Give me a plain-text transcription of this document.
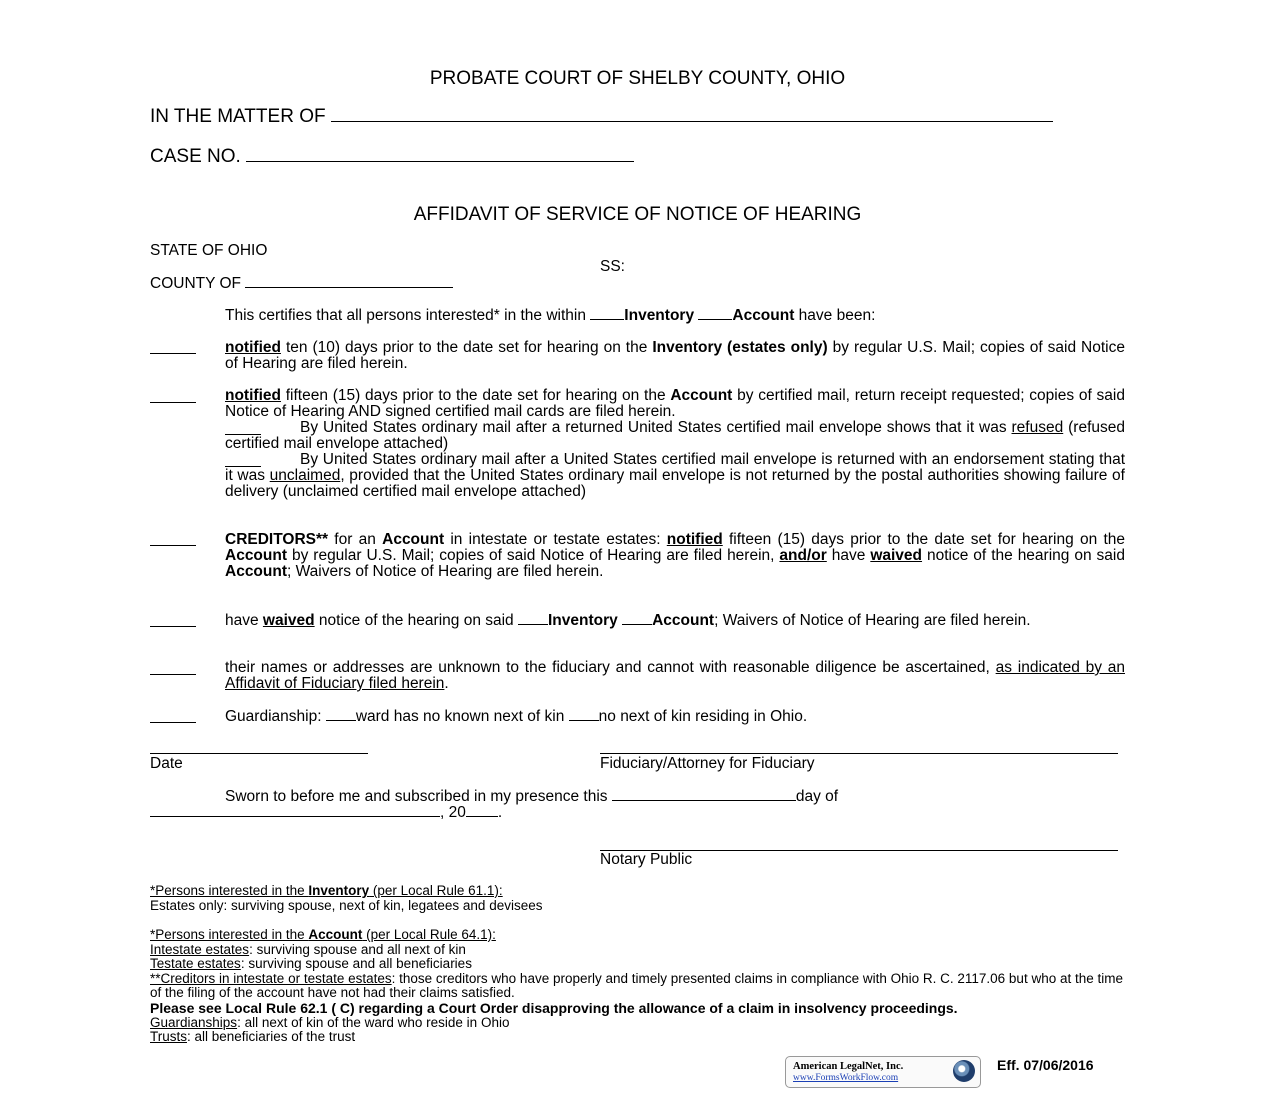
PROBATE COURT OF SHELBY COUNTY, OHIO
IN THE MATTER OF
CASE NO.
AFFIDAVIT OF SERVICE OF NOTICE OF HEARING
STATE OF OHIO
SS:
COUNTY OF
This certifies that all persons interested* in the within Inventory Account have been:
notified ten (10) days prior to the date set for hearing on the Inventory (estates only) by regular U.S. Mail; copies of said Notice of Hearing are filed herein.
notified fifteen (15) days prior to the date set for hearing on the Account by certified mail, return receipt requested; copies of said Notice of Hearing AND signed certified mail cards are filed herein.
By United States ordinary mail after a returned United States certified mail envelope shows that it was refused (refused certified mail envelope attached)
By United States ordinary mail after a United States certified mail envelope is returned with an endorsement stating that it was unclaimed, provided that the United States ordinary mail envelope is not returned by the postal authorities showing failure of delivery (unclaimed certified mail envelope attached)
CREDITORS** for an Account in intestate or testate estates: notified fifteen (15) days prior to the date set for hearing on the Account by regular U.S. Mail; copies of said Notice of Hearing are filed herein, and/or have waived notice of the hearing on said Account; Waivers of Notice of Hearing are filed herein.
have waived notice of the hearing on said Inventory Account; Waivers of Notice of Hearing are filed herein.
their names or addresses are unknown to the fiduciary and cannot with reasonable diligence be ascertained, as indicated by an Affidavit of Fiduciary filed herein.
Guardianship: ward has no known next of kin no next of kin residing in Ohio.
Date	Fiduciary/Attorney for Fiduciary
Sworn to before me and subscribed in my presence this	day of
, 20 .
Notary Public
*Persons interested in the Inventory (per Local Rule 61.1):
Estates only: surviving spouse, next of kin, legatees and devisees
*Persons interested in the Account (per Local Rule 64.1):
Intestate estates: surviving spouse and all next of kin
Testate estates: surviving spouse and all beneficiaries
**Creditors in intestate or testate estates: those creditors who have properly and timely presented claims in compliance with Ohio R. C. 2117.06 but who at the time of the filing of the account have not had their claims satisfied.
Please see Local Rule 62.1 ( C) regarding a Court Order disapproving the allowance of a claim in insolvency proceedings.
Guardianships: all next of kin of the ward who reside in Ohio
Trusts: all beneficiaries of the trust
American LegalNet, Inc.
www.FormsWorkFlow.com
Eff. 07/06/2016
